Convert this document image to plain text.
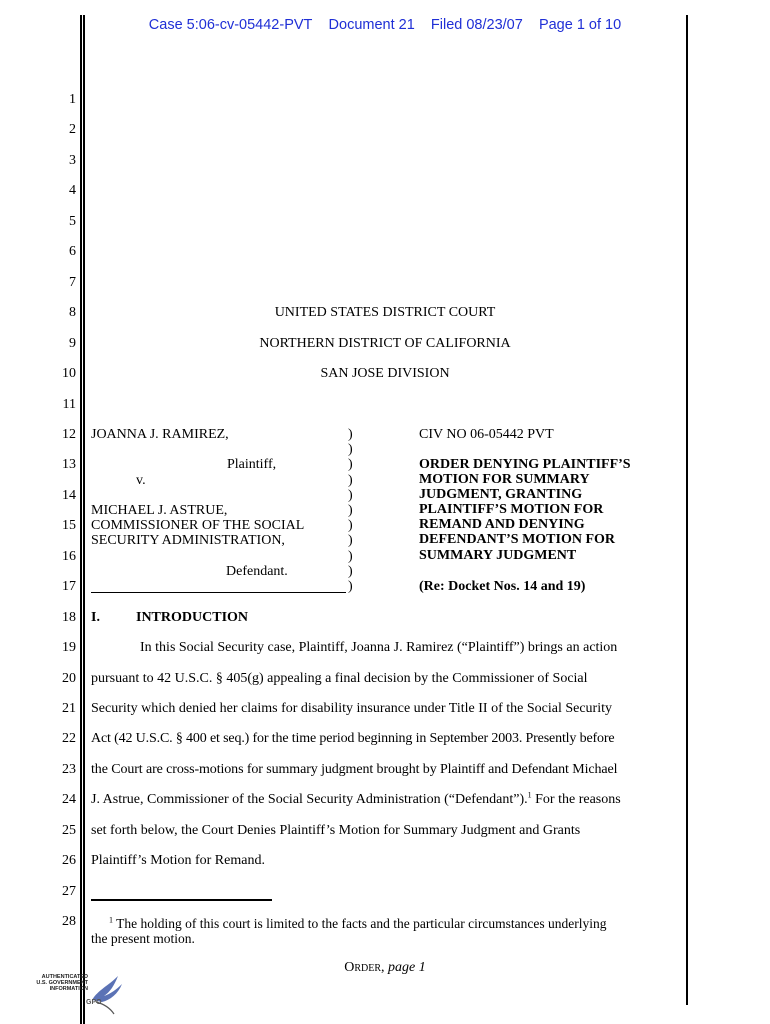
Case 5:06-cv-05442-PVT Document 21 Filed 08/23/07 Page 1 of 10
1
2
3
4
5
6
7
8
9
10
11
12
13
14
15
16
17
18
19
20
21
22
23
24
25
26
27
28
UNITED STATES DISTRICT COURT
NORTHERN DISTRICT OF CALIFORNIA
SAN JOSE DIVISION
JOANNA J. RAMIREZ,
Plaintiff,
v.
MICHAEL J. ASTRUE,
COMMISSIONER OF THE SOCIAL
SECURITY ADMINISTRATION,
Defendant.
)
)
)
)
)
)
)
)
)
)
)
CIV NO 06-05442 PVT
ORDER DENYING PLAINTIFF’S
MOTION FOR SUMMARY
JUDGMENT, GRANTING
PLAINTIFF’S MOTION FOR
REMAND AND DENYING
DEFENDANT’S MOTION FOR
SUMMARY JUDGMENT
(Re: Docket Nos. 14 and 19)
I.	INTRODUCTION
In this Social Security case, Plaintiff, Joanna J. Ramirez (“Plaintiff”) brings an action
pursuant to 42 U.S.C. § 405(g) appealing a final decision by the Commissioner of Social
Security which denied her claims for disability insurance under Title II of the Social Security
Act (42 U.S.C. § 400 et seq.) for the time period beginning in September 2003. Presently before
the Court are cross-motions for summary judgment brought by Plaintiff and Defendant Michael
J. Astrue, Commissioner of the Social Security Administration (“Defendant”).$^1$ For the reasons
set forth below, the Court Denies Plaintiff’s Motion for Summary Judgment and Grants
Plaintiff’s Motion for Remand.
$^1$ The holding of this court is limited to the facts and the particular circumstances underlying
the present motion.
Order, page 1
AUTHENTICATED
U.S. GOVERNMENT
INFORMATION
GPO
